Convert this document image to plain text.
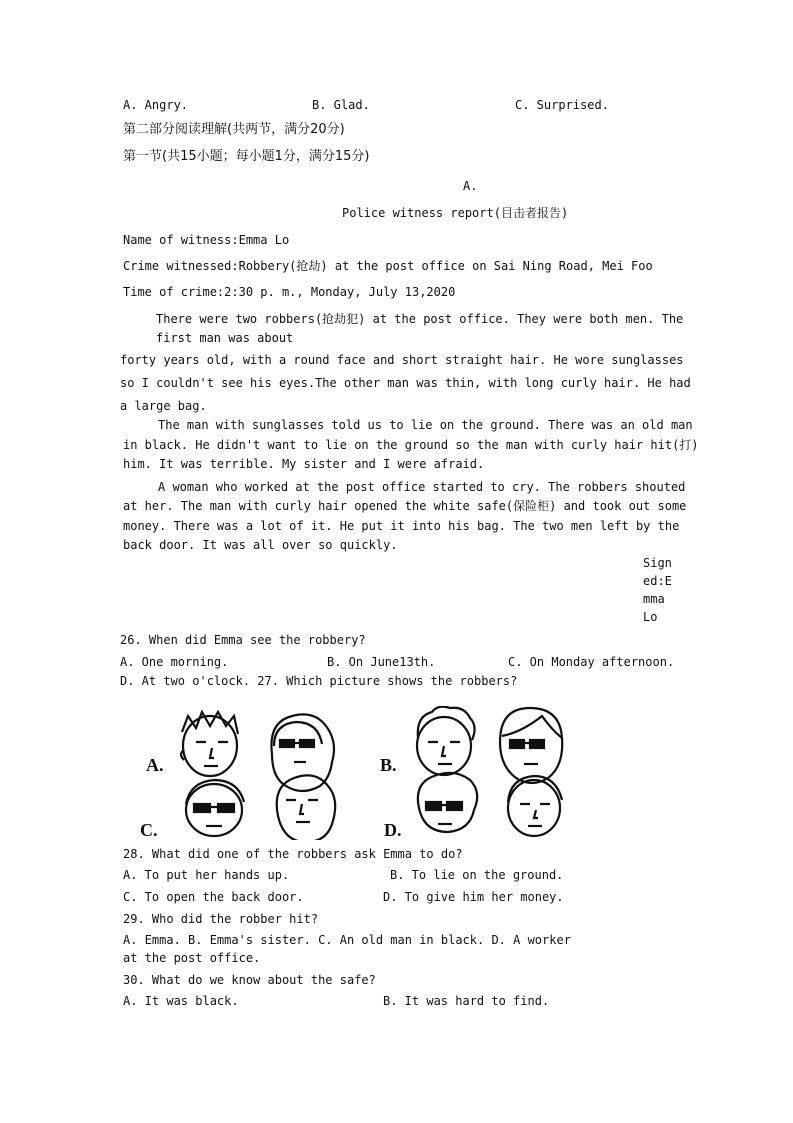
A. Angry.	B. Glad.	C. Surprised.
第二部分阅读理解(共两节，满分20分)
第一节(共15小题；每小题1分，满分15分)
A.
Police witness report(目击者报告)
Name of witness:Emma Lo
Crime witnessed:Robbery(抢劫) at the post office on Sai Ning Road, Mei Foo
Time of crime:2:30 p. m., Monday, July 13,2020
There were two robbers(抢劫犯) at the post office. They were both men. The
first man was about
forty years old, with a round face and short straight hair. He wore sunglasses
so I couldn't see his eyes.The other man was thin, with long curly hair. He had
a large bag.
The man with sunglasses told us to lie on the ground. There was an old man
in black. He didn't want to lie on the ground so the man with curly hair hit(打)
him. It was terrible. My sister and I were afraid.
A woman who worked at the post office started to cry. The robbers shouted
at her. The man with curly hair opened the white safe(保险柜) and took out some
money. There was a lot of it. He put it into his bag. The two men left by the
back door. It was all over so quickly.
Sign
ed:E
mma
Lo
26. When did Emma see the robbery?
A. One morning.	B. On June13th.	C. On Monday afternoon.
D. At two o'clock. 27. Which picture shows the robbers?
A.	B.
C.	D.
28. What did one of the robbers ask Emma to do?
A. To put her hands up.	B. To lie on the ground.
C. To open the back door.	D. To give him her money.
29. Who did the robber hit?
A. Emma. B. Emma's sister. C. An old man in black. D. A worker
at the post office.
30. What do we know about the safe?
A. It was black.	B. It was hard to find.
